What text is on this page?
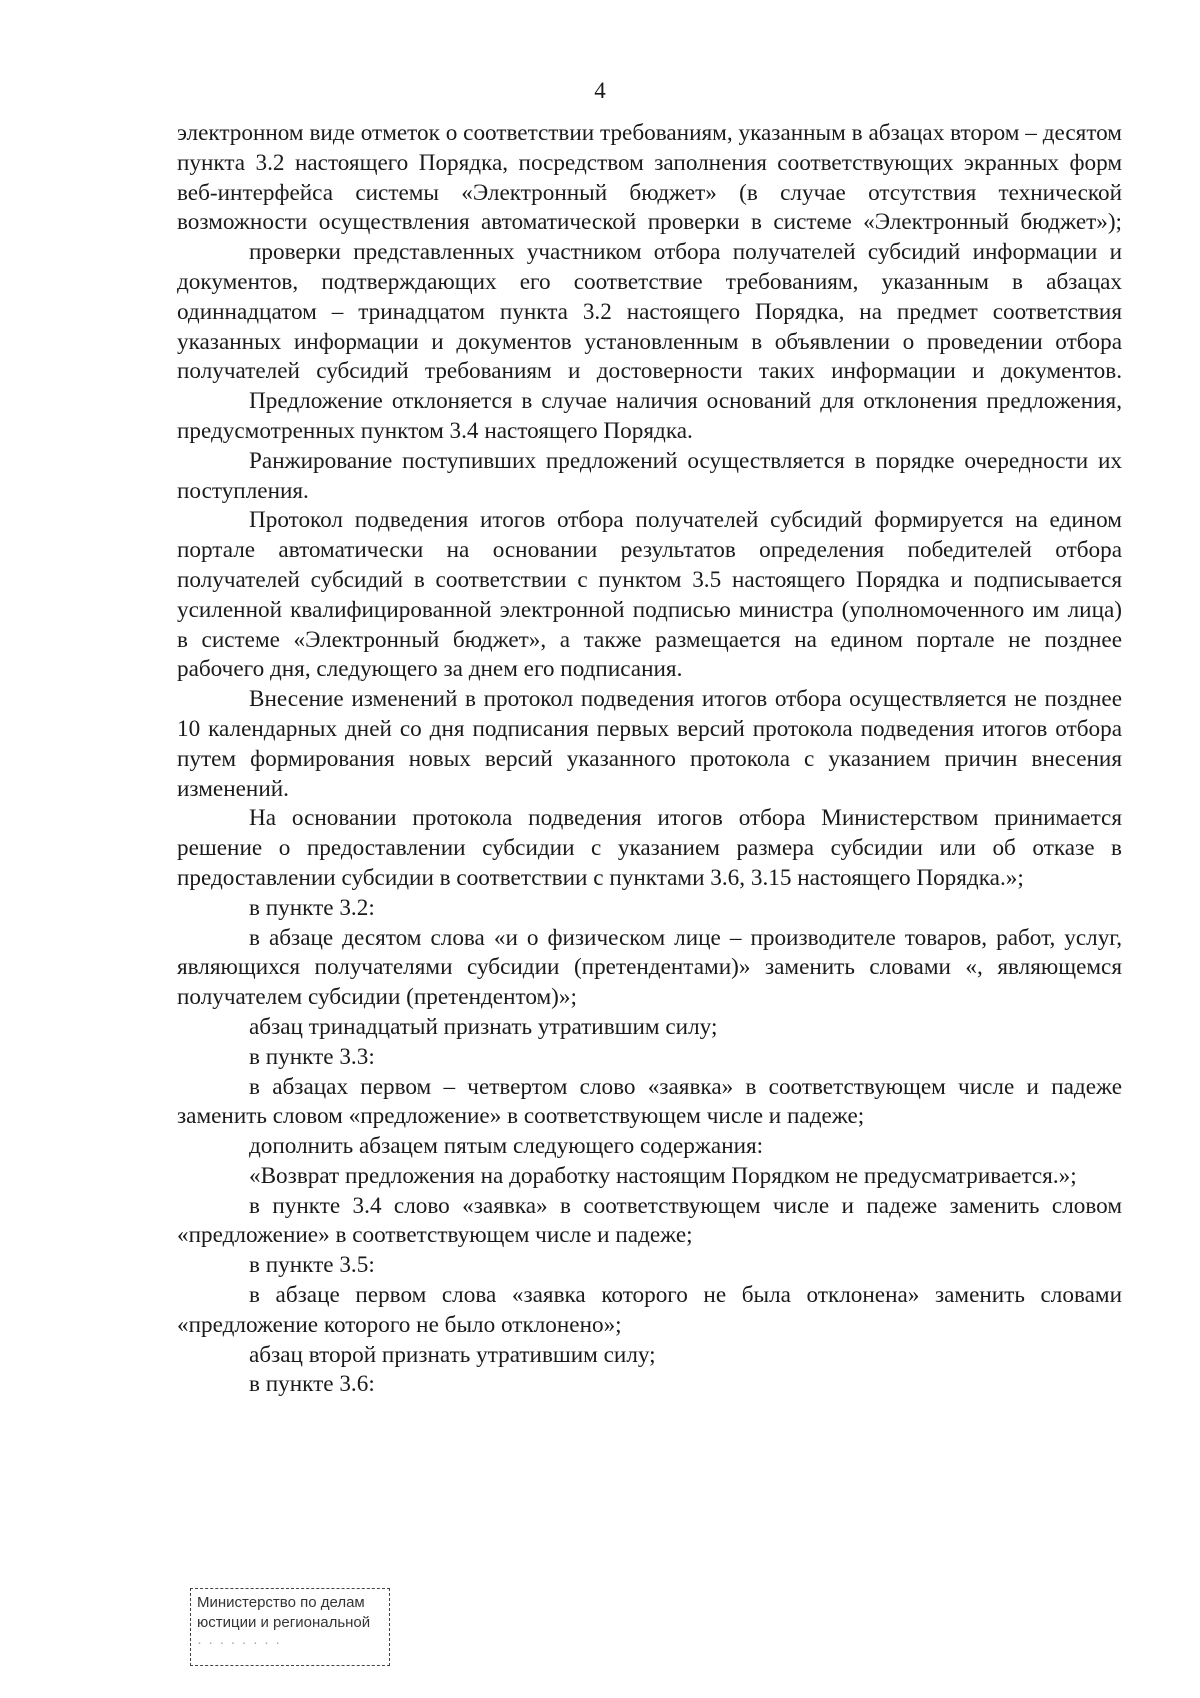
4

электронном виде отметок о соответствии требованиям, указанным в абзацах втором – десятом пункта 3.2 настоящего Порядка, посредством заполнения соответствующих экранных форм веб-интерфейса системы «Электронный бюджет» (в случае отсутствия технической возможности осуществления автоматической проверки в системе «Электронный бюджет»);

проверки представленных участником отбора получателей субсидий информации и документов, подтверждающих его соответствие требованиям, указанным в абзацах одиннадцатом – тринадцатом пункта 3.2 настоящего Порядка, на предмет соответствия указанных информации и документов установленным в объявлении о проведении отбора получателей субсидий требованиям и достоверности таких информации и документов.

Предложение отклоняется в случае наличия оснований для отклонения предложения, предусмотренных пунктом 3.4 настоящего Порядка.

Ранжирование поступивших предложений осуществляется в порядке очередности их поступления.

Протокол подведения итогов отбора получателей субсидий формируется на едином портале автоматически на основании результатов определения победителей отбора получателей субсидий в соответствии с пунктом 3.5 настоящего Порядка и подписывается усиленной квалифицированной электронной подписью министра (уполномоченного им лица) в системе «Электронный бюджет», а также размещается на едином портале не позднее рабочего дня, следующего за днем его подписания.

Внесение изменений в протокол подведения итогов отбора осуществляется не позднее 10 календарных дней со дня подписания первых версий протокола подведения итогов отбора путем формирования новых версий указанного протокола с указанием причин внесения изменений.

На основании протокола подведения итогов отбора Министерством принимается решение о предоставлении субсидии с указанием размера субсидии или об отказе в предоставлении субсидии в соответствии с пунктами 3.6, 3.15 настоящего Порядка.»;

в пункте 3.2:

в абзаце десятом слова «и о физическом лице – производителе товаров, работ, услуг, являющихся получателями субсидии (претендентами)» заменить словами «, являющемся получателем субсидии (претендентом)»;

абзац тринадцатый признать утратившим силу;

в пункте 3.3:

в абзацах первом – четвертом слово «заявка» в соответствующем числе и падеже заменить словом «предложение» в соответствующем числе и падеже;

дополнить абзацем пятым следующего содержания:

«Возврат предложения на доработку настоящим Порядком не предусматривается.»;

в пункте 3.4 слово «заявка» в соответствующем числе и падеже заменить словом «предложение» в соответствующем числе и падеже;

в пункте 3.5:

в абзаце первом слова «заявка которого не была отклонена» заменить словами «предложение которого не было отклонено»;

абзац второй признать утратившим силу;

в пункте 3.6:

Министерство по делам
юстиции и региональной
· · · · · · · ·
